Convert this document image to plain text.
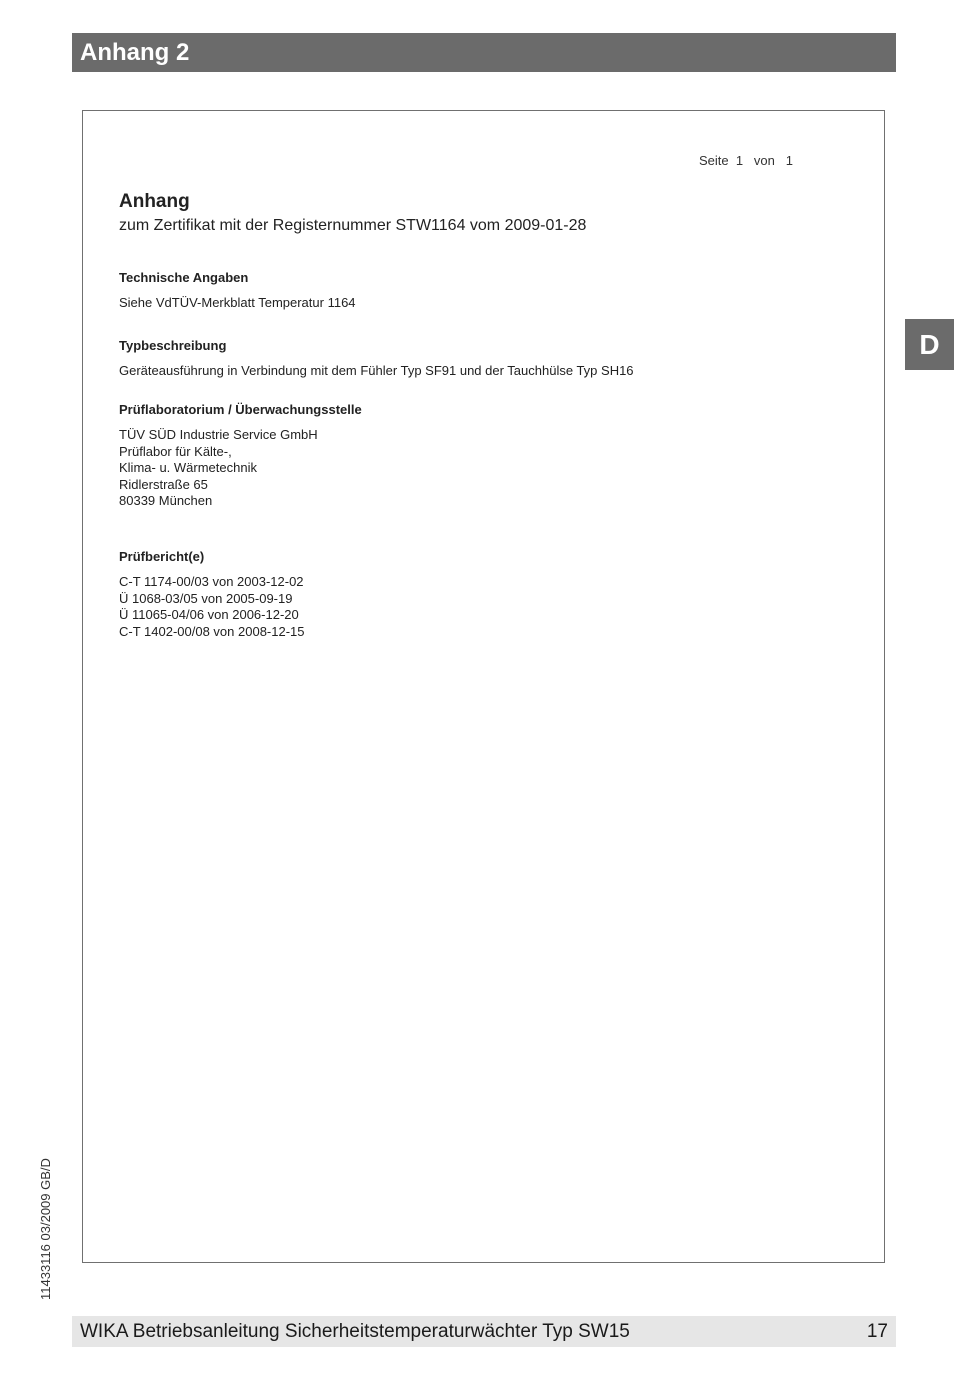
Anhang 2
D
Seite  1   von   1
Anhang
zum Zertifikat mit der Registernummer STW1164 vom 2009-01-28
Technische Angaben
Siehe VdTÜV-Merkblatt Temperatur 1164
Typbeschreibung
Geräteausführung in Verbindung mit dem Fühler Typ SF91 und der Tauchhülse Typ SH16
Prüflaboratorium / Überwachungsstelle
TÜV SÜD Industrie Service GmbH
Prüflabor für Kälte-,
Klima- u. Wärmetechnik
Ridlerstraße 65
80339 München
Prüfbericht(e)
C-T 1174-00/03 von 2003-12-02
Ü 1068-03/05 von 2005-09-19
Ü 11065-04/06 von 2006-12-20
C-T 1402-00/08 von 2008-12-15
11433116 03/2009 GB/D
WIKA Betriebsanleitung Sicherheitstemperaturwächter Typ SW15	17
